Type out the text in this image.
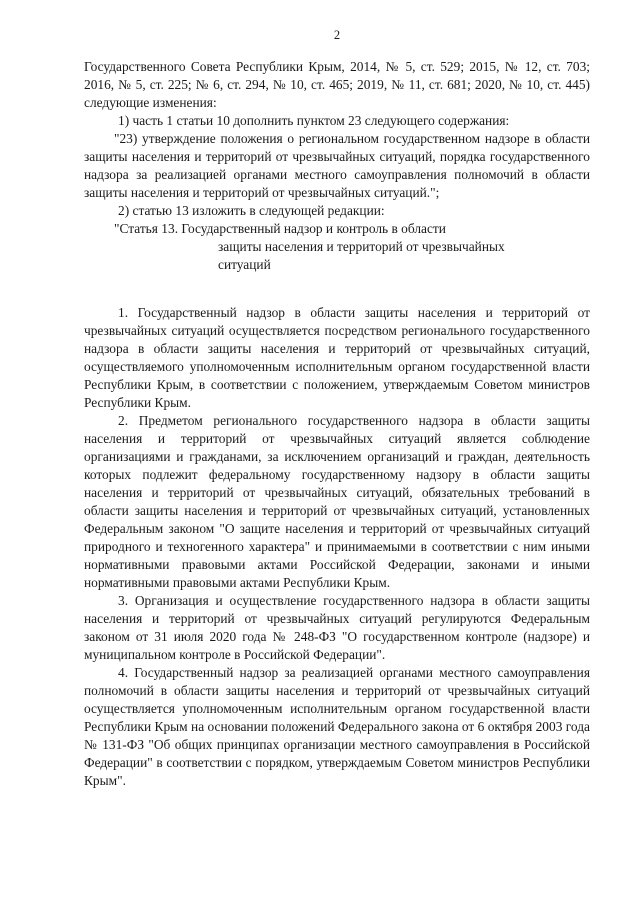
2

Государственного Совета Республики Крым, 2014, № 5, ст. 529; 2015, № 12, ст. 703; 2016, № 5, ст. 225; № 6, ст. 294, № 10, ст. 465; 2019, № 11, ст. 681; 2020, № 10, ст. 445) следующие изменения:

1) часть 1 статьи 10 дополнить пунктом 23 следующего содержания:

"23) утверждение положения о региональном государственном надзоре в области защиты населения и территорий от чрезвычайных ситуаций, порядка государственного надзора за реализацией органами местного самоуправления полномочий в области защиты населения и территорий от чрезвычайных ситуаций.";

2) статью 13 изложить в следующей редакции:

"Статья 13. Государственный надзор и контроль в области
защиты населения и территорий от чрезвычайных
ситуаций

1. Государственный надзор в области защиты населения и территорий от чрезвычайных ситуаций осуществляется посредством регионального государственного надзора в области защиты населения и территорий от чрезвычайных ситуаций, осуществляемого уполномоченным исполнительным органом государственной власти Республики Крым, в соответствии с положением, утверждаемым Советом министров Республики Крым.

2. Предметом регионального государственного надзора в области защиты населения и территорий от чрезвычайных ситуаций является соблюдение организациями и гражданами, за исключением организаций и граждан, деятельность которых подлежит федеральному государственному надзору в области защиты населения и территорий от чрезвычайных ситуаций, обязательных требований в области защиты населения и территорий от чрезвычайных ситуаций, установленных Федеральным законом "О защите населения и территорий от чрезвычайных ситуаций природного и техногенного характера" и принимаемыми в соответствии с ним иными нормативными правовыми актами Российской Федерации, законами и иными нормативными правовыми актами Республики Крым.

3. Организация и осуществление государственного надзора в области защиты населения и территорий от чрезвычайных ситуаций регулируются Федеральным законом от 31 июля 2020 года № 248-ФЗ "О государственном контроле (надзоре) и муниципальном контроле в Российской Федерации".

4. Государственный надзор за реализацией органами местного самоуправления полномочий в области защиты населения и территорий от чрезвычайных ситуаций осуществляется уполномоченным исполнительным органом государственной власти Республики Крым на основании положений Федерального закона от 6 октября 2003 года № 131-ФЗ "Об общих принципах организации местного самоуправления в Российской Федерации" в соответствии с порядком, утверждаемым Советом министров Республики Крым".
